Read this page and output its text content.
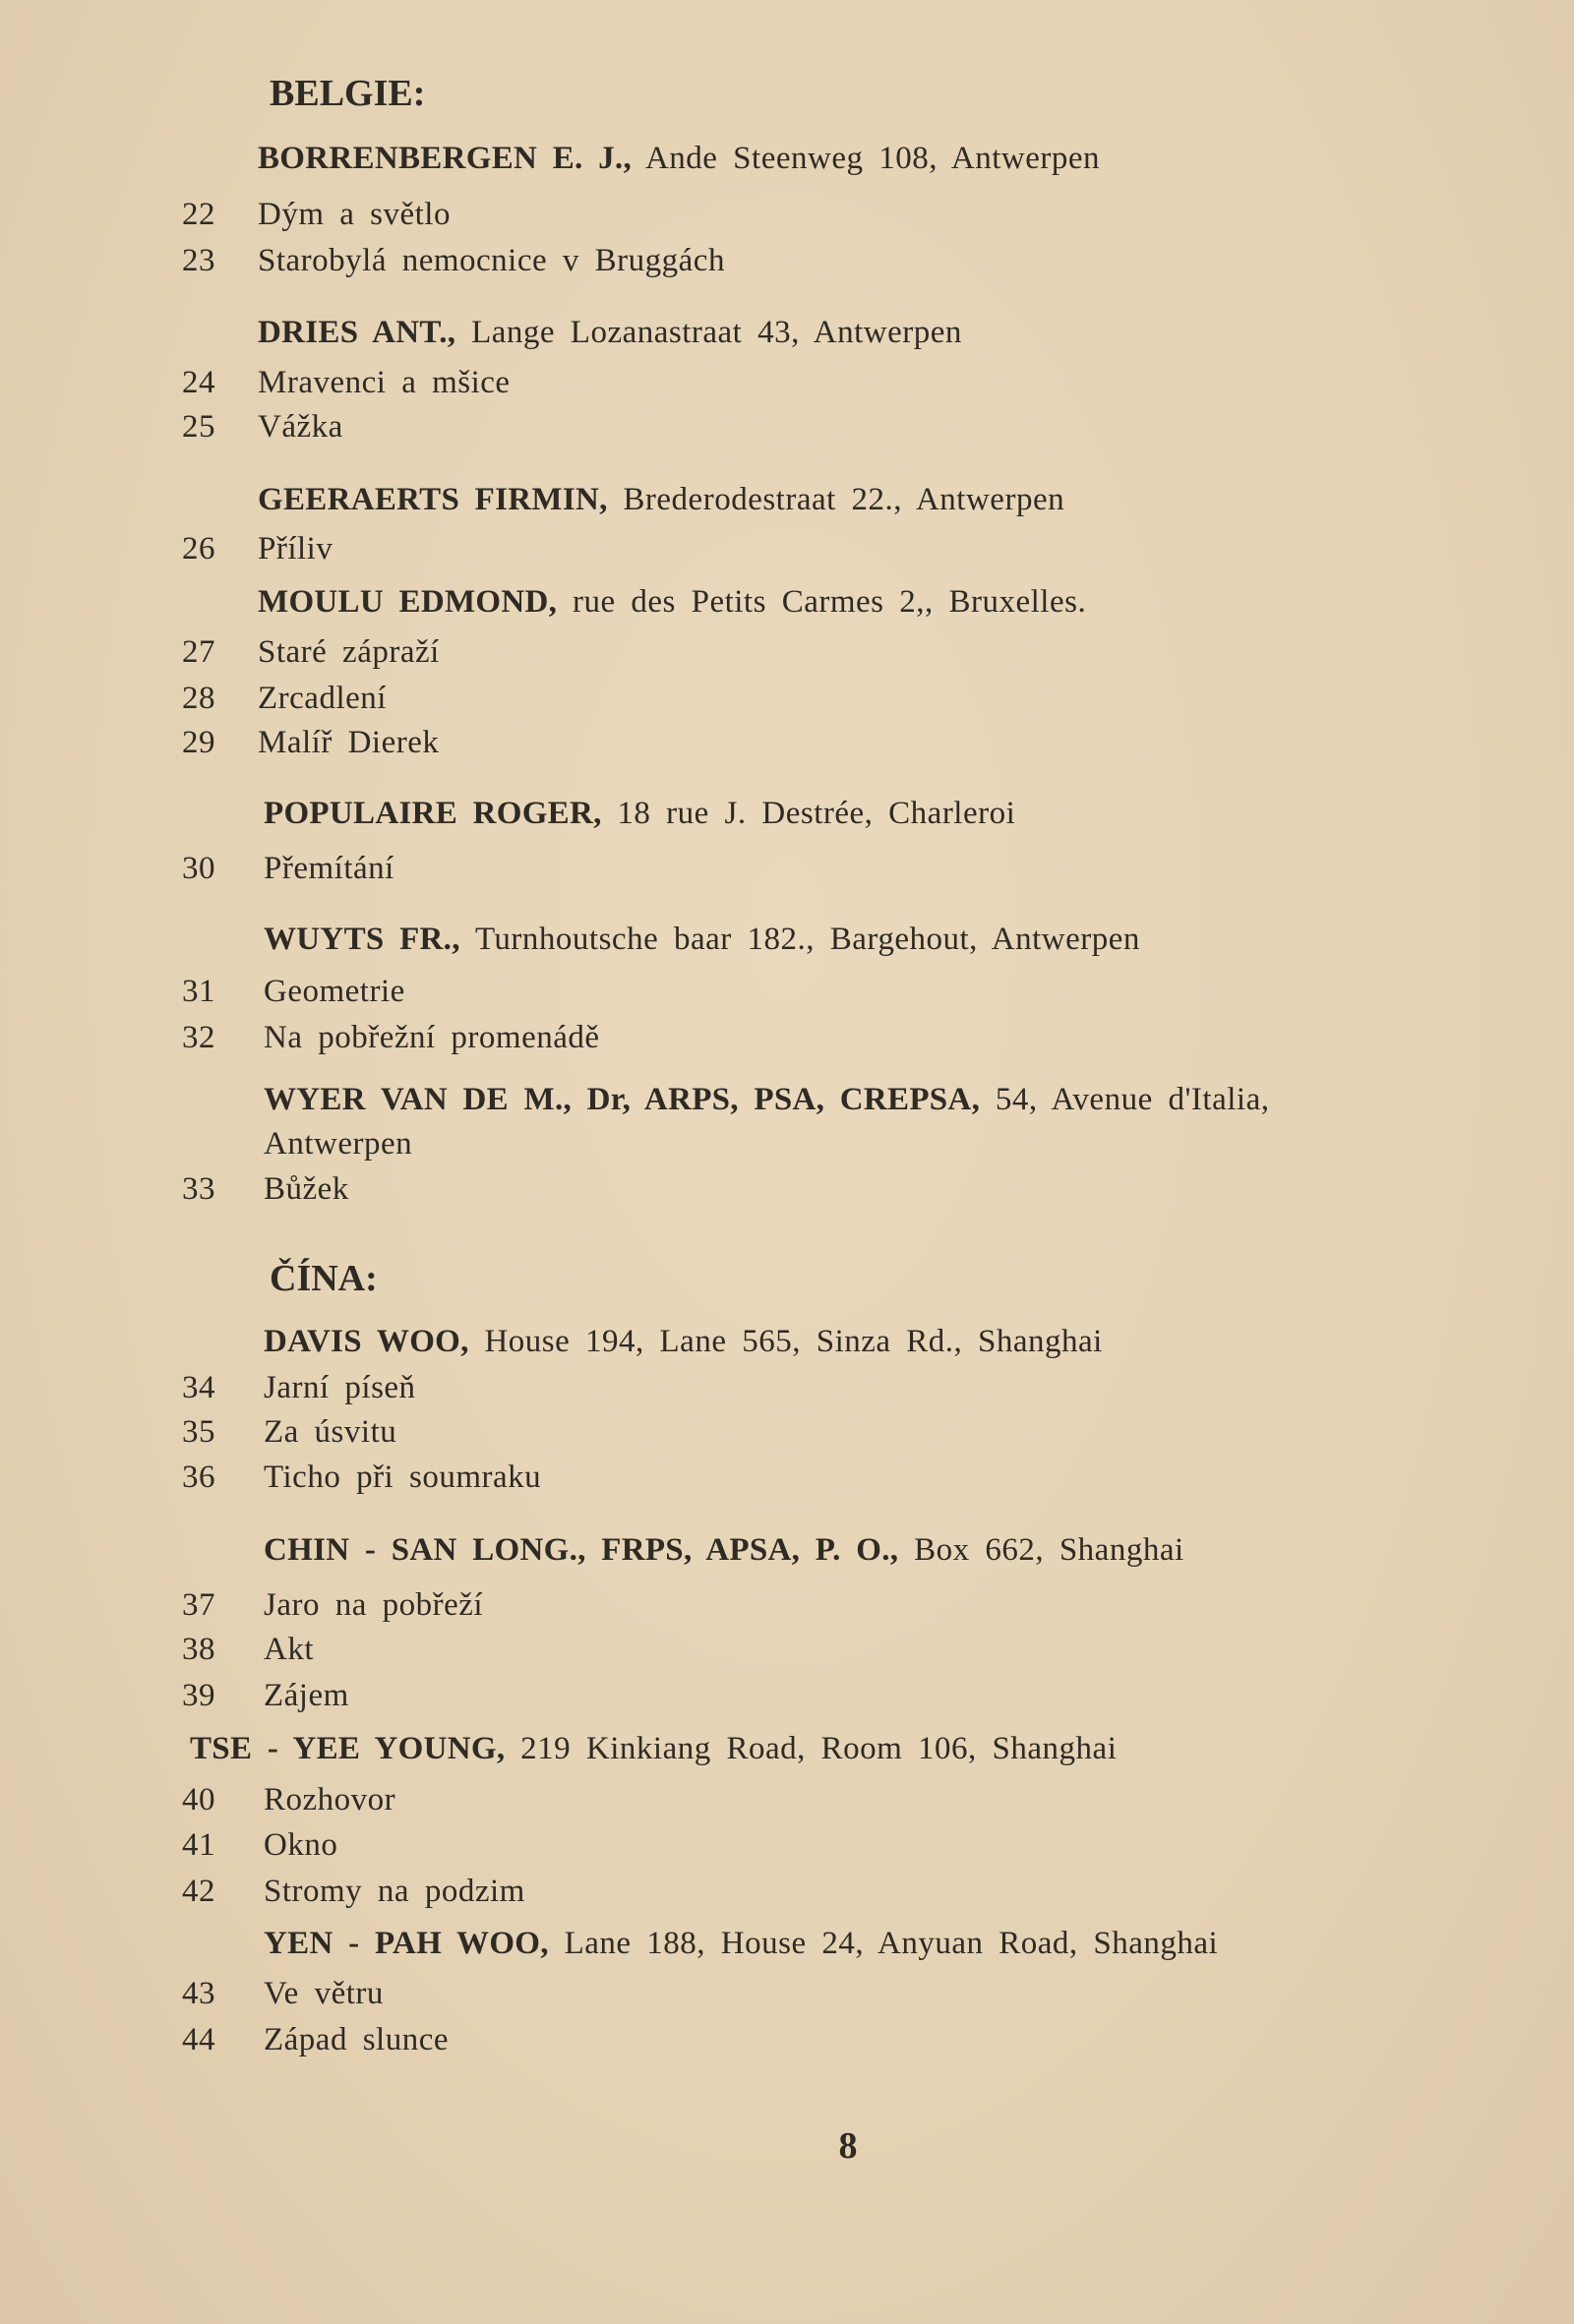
BELGIE:
BORRENBERGEN E. J., Ande Steenweg 108, Antwerpen
22	Dým a světlo
23	Starobylá nemocnice v Bruggách
DRIES ANT., Lange Lozanastraat 43, Antwerpen
24	Mravenci a mšice
25	Vážka
GEERAERTS FIRMIN, Brederodestraat 22., Antwerpen
26	Příliv
MOULU EDMOND, rue des Petits Carmes 2,, Bruxelles.
27	Staré zápraží
28	Zrcadlení
29	Malíř Dierek
POPULAIRE ROGER, 18 rue J. Destrée, Charleroi
30	Přemítání
WUYTS FR., Turnhoutsche baar 182., Bargehout, Antwerpen
31	Geometrie
32	Na pobřežní promenádě
WYER VAN DE M., Dr, ARPS, PSA, CREPSA, 54, Avenue d'Italia,
Antwerpen
33	Bůžek
ČÍNA:
DAVIS WOO, House 194, Lane 565, Sinza Rd., Shanghai
34	Jarní píseň
35	Za úsvitu
36	Ticho při soumraku
CHIN - SAN LONG., FRPS, APSA, P. O., Box 662, Shanghai
37	Jaro na pobřeží
38	Akt
39	Zájem
TSE - YEE YOUNG, 219 Kinkiang Road, Room 106, Shanghai
40	Rozhovor
41	Okno
42	Stromy na podzim
YEN - PAH WOO, Lane 188, House 24, Anyuan Road, Shanghai
43	Ve větru
44	Západ slunce
8
